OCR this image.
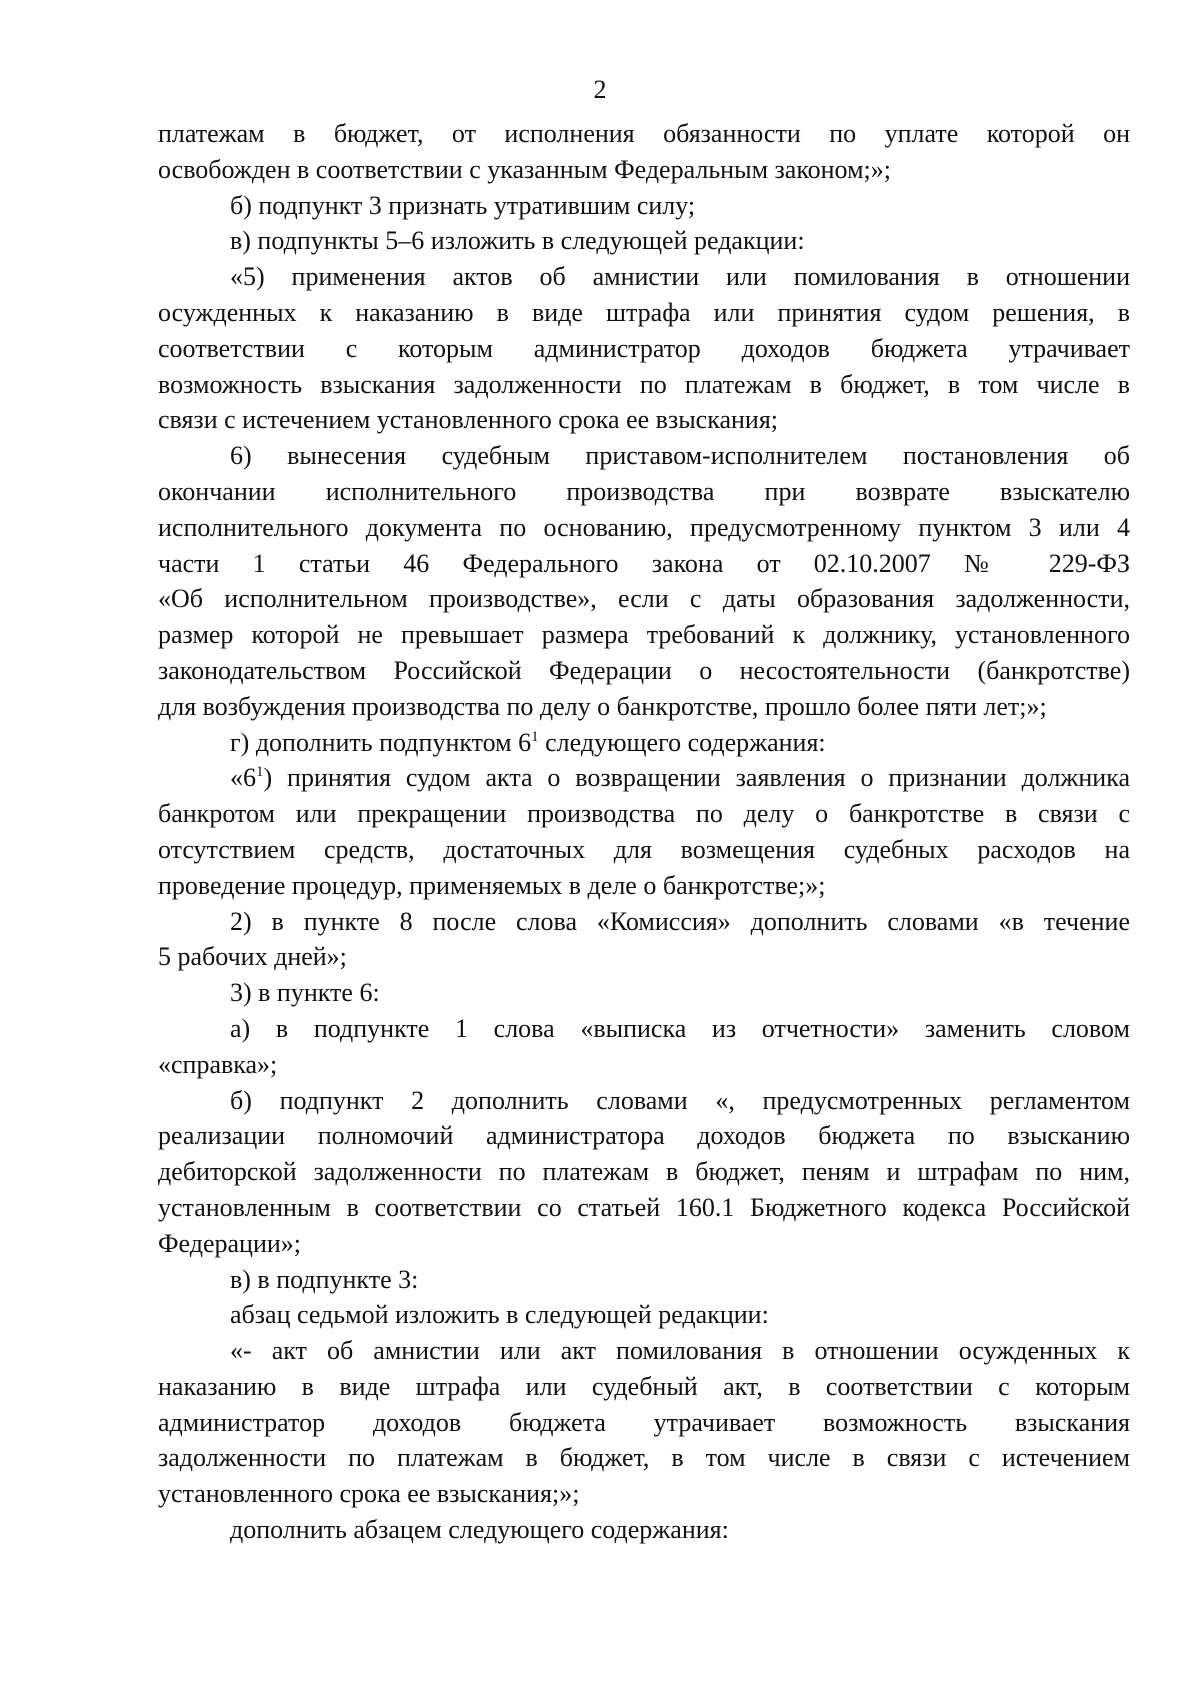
2
платежам в бюджет, от исполнения обязанности по уплате которой он
освобожден в соответствии с указанным Федеральным законом;»;
б) подпункт 3 признать утратившим силу;
в) подпункты 5–6 изложить в следующей редакции:
«5) применения актов об амнистии или помилования в отношении
осужденных к наказанию в виде штрафа или принятия судом решения, в
соответствии с которым администратор доходов бюджета утрачивает
возможность взыскания задолженности по платежам в бюджет, в том числе в
связи с истечением установленного срока ее взыскания;
6) вынесения судебным приставом-исполнителем постановления об
окончании исполнительного производства при возврате взыскателю
исполнительного документа по основанию, предусмотренному пунктом 3 или 4
части 1 статьи 46 Федерального закона от 02.10.2007 № 229-ФЗ
«Об исполнительном производстве», если с даты образования задолженности,
размер которой не превышает размера требований к должнику, установленного
законодательством Российской Федерации о несостоятельности (банкротстве)
для возбуждения производства по делу о банкротстве, прошло более пяти лет;»;
г) дополнить подпунктом $6^1$ следующего содержания:
«$6^1$) принятия судом акта о возвращении заявления о признании должника
банкротом или прекращении производства по делу о банкротстве в связи с
отсутствием средств, достаточных для возмещения судебных расходов на
проведение процедур, применяемых в деле о банкротстве;»;
2) в пункте 8 после слова «Комиссия» дополнить словами «в течение
5 рабочих дней»;
3) в пункте 6:
а) в подпункте 1 слова «выписка из отчетности» заменить словом
«справка»;
б) подпункт 2 дополнить словами «, предусмотренных регламентом
реализации полномочий администратора доходов бюджета по взысканию
дебиторской задолженности по платежам в бюджет, пеням и штрафам по ним,
установленным в соответствии со статьей 160.1 Бюджетного кодекса Российской
Федерации»;
в) в подпункте 3:
абзац седьмой изложить в следующей редакции:
«- акт об амнистии или акт помилования в отношении осужденных к
наказанию в виде штрафа или судебный акт, в соответствии с которым
администратор доходов бюджета утрачивает возможность взыскания
задолженности по платежам в бюджет, в том числе в связи с истечением
установленного срока ее взыскания;»;
дополнить абзацем следующего содержания:
